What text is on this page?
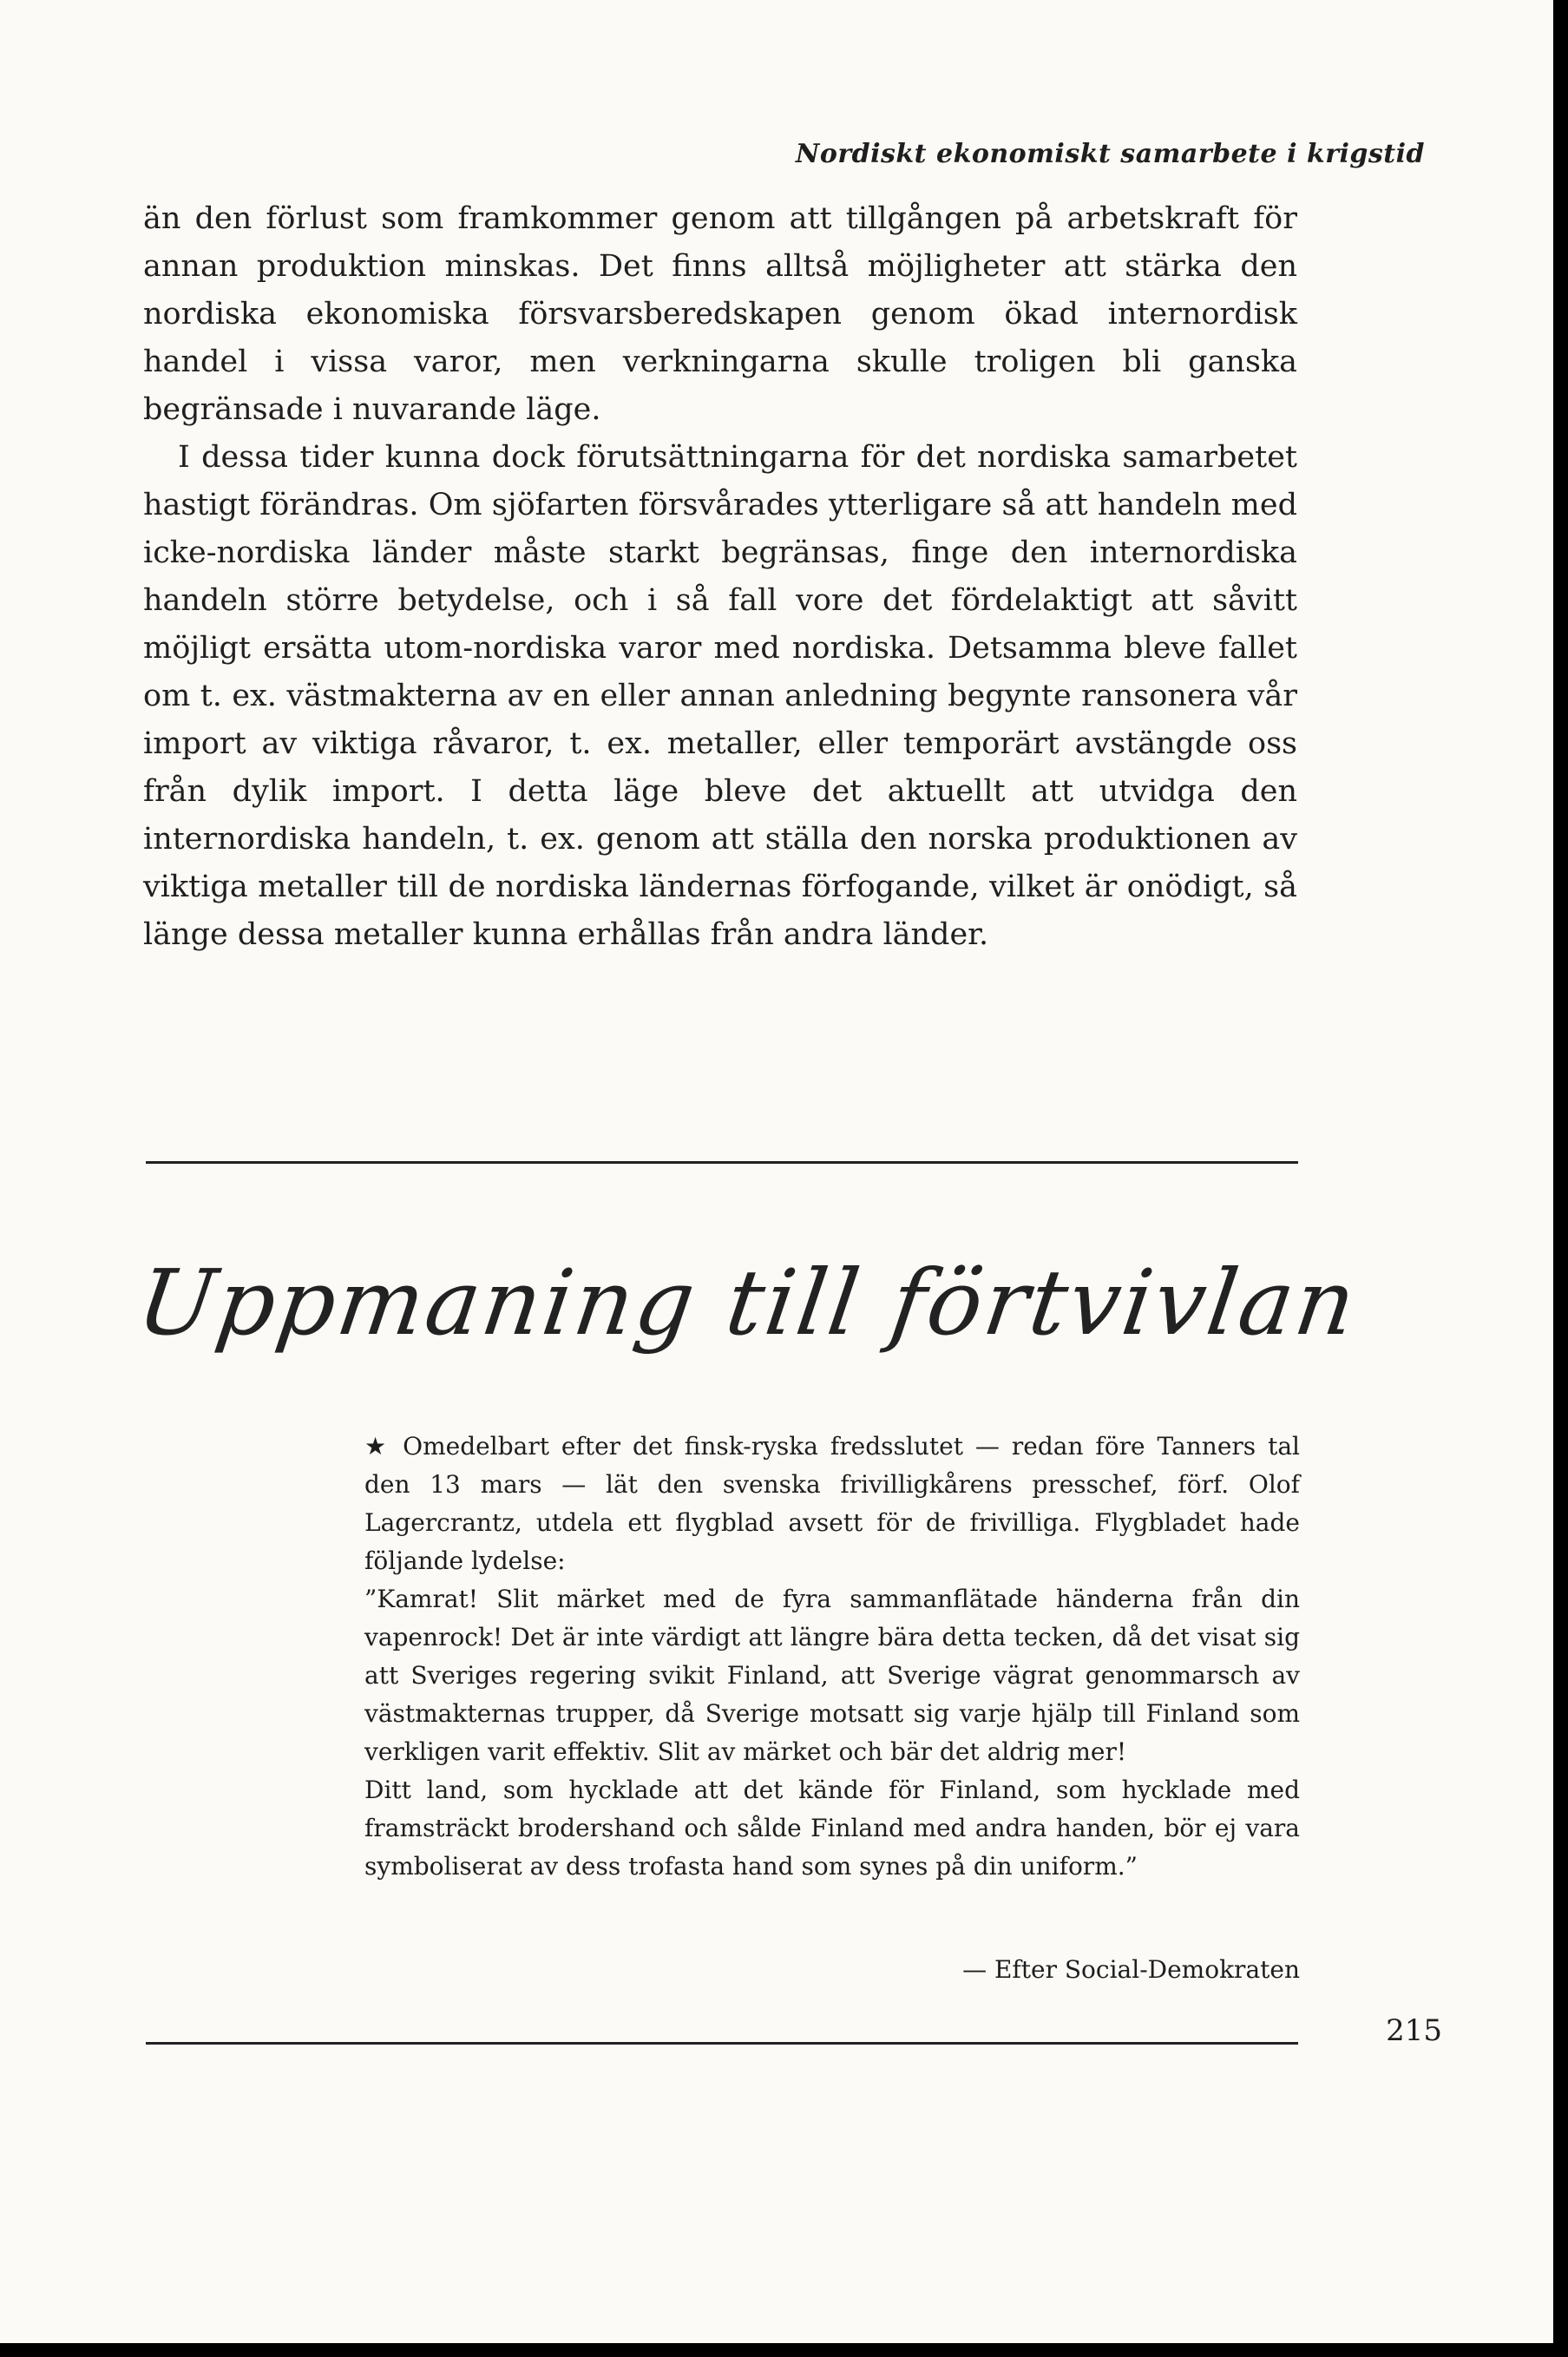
Nordiskt ekonomiskt samarbete i krigstid

än den förlust som framkommer genom att tillgången på arbetskraft för annan produktion minskas. Det finns alltså möjligheter att stärka den nordiska ekonomiska försvarsberedskapen genom ökad internordisk handel i vissa varor, men verkningarna skulle troligen bli ganska begränsade i nuvarande läge.

I dessa tider kunna dock förutsättningarna för det nordiska samarbetet hastigt förändras. Om sjöfarten försvårades ytterligare så att handeln med icke-nordiska länder måste starkt begränsas, finge den internordiska handeln större betydelse, och i så fall vore det fördelaktigt att såvitt möjligt ersätta utom-nordiska varor med nordiska. Detsamma bleve fallet om t. ex. västmakterna av en eller annan anledning begynte ransonera vår import av viktiga råvaror, t. ex. metaller, eller temporärt avstängde oss från dylik import. I detta läge bleve det aktuellt att utvidga den internordiska handeln, t. ex. genom att ställa den norska produktionen av viktiga metaller till de nordiska ländernas förfogande, vilket är onödigt, så länge dessa metaller kunna erhållas från andra länder.

Uppmaning till förtvivlan

★ Omedelbart efter det finsk-ryska fredsslutet — redan före Tanners tal den 13 mars — lät den svenska frivilligkårens presschef, förf. Olof Lagercrantz, utdela ett flygblad avsett för de frivilliga. Flygbladet hade följande lydelse:

”Kamrat! Slit märket med de fyra sammanflätade händerna från din vapenrock! Det är inte värdigt att längre bära detta tecken, då det visat sig att Sveriges regering svikit Finland, att Sverige vägrat genommarsch av västmakternas trupper, då Sverige motsatt sig varje hjälp till Finland som verkligen varit effektiv. Slit av märket och bär det aldrig mer!

Ditt land, som hycklade att det kände för Finland, som hycklade med framsträckt brodershand och sålde Finland med andra handen, bör ej vara symboliserat av dess trofasta hand som synes på din uniform.”

— Efter Social-Demokraten
215
